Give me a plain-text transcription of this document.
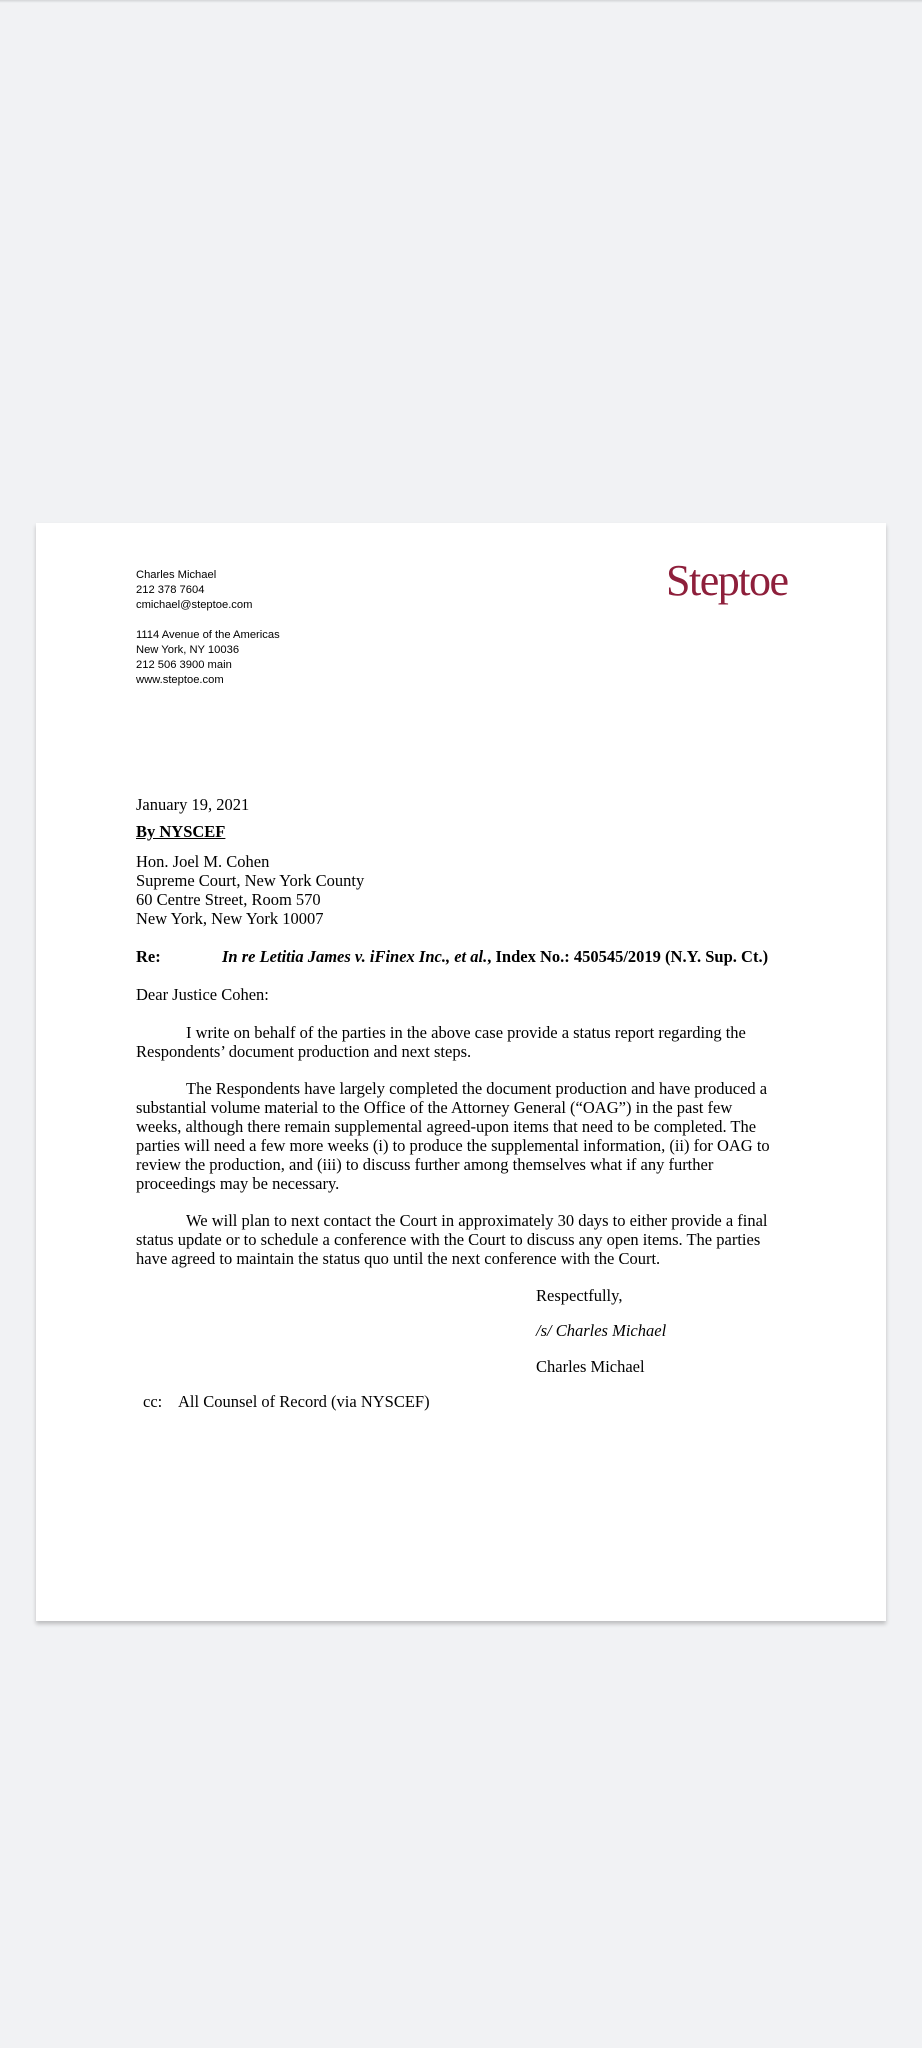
Charles Michael
212 378 7604
cmichael@steptoe.com
1114 Avenue of the Americas
New York, NY 10036
212 506 3900 main
www.steptoe.com
Steptoe
January 19, 2021
By NYSCEF
Hon. Joel M. Cohen
Supreme Court, New York County
60 Centre Street, Room 570
New York, New York 10007
Re:	In re Letitia James v. iFinex Inc., et al., Index No.: 450545/2019 (N.Y. Sup. Ct.)
Dear Justice Cohen:
I write on behalf of the parties in the above case provide a status report regarding the Respondents’ document production and next steps.
The Respondents have largely completed the document production and have produced a substantial volume material to the Office of the Attorney General (“OAG”) in the past few weeks, although there remain supplemental agreed-upon items that need to be completed. The parties will need a few more weeks (i) to produce the supplemental information, (ii) for OAG to review the production, and (iii) to discuss further among themselves what if any further proceedings may be necessary.
We will plan to next contact the Court in approximately 30 days to either provide a final status update or to schedule a conference with the Court to discuss any open items. The parties have agreed to maintain the status quo until the next conference with the Court.
Respectfully,
/s/ Charles Michael
Charles Michael
cc: All Counsel of Record (via NYSCEF)
